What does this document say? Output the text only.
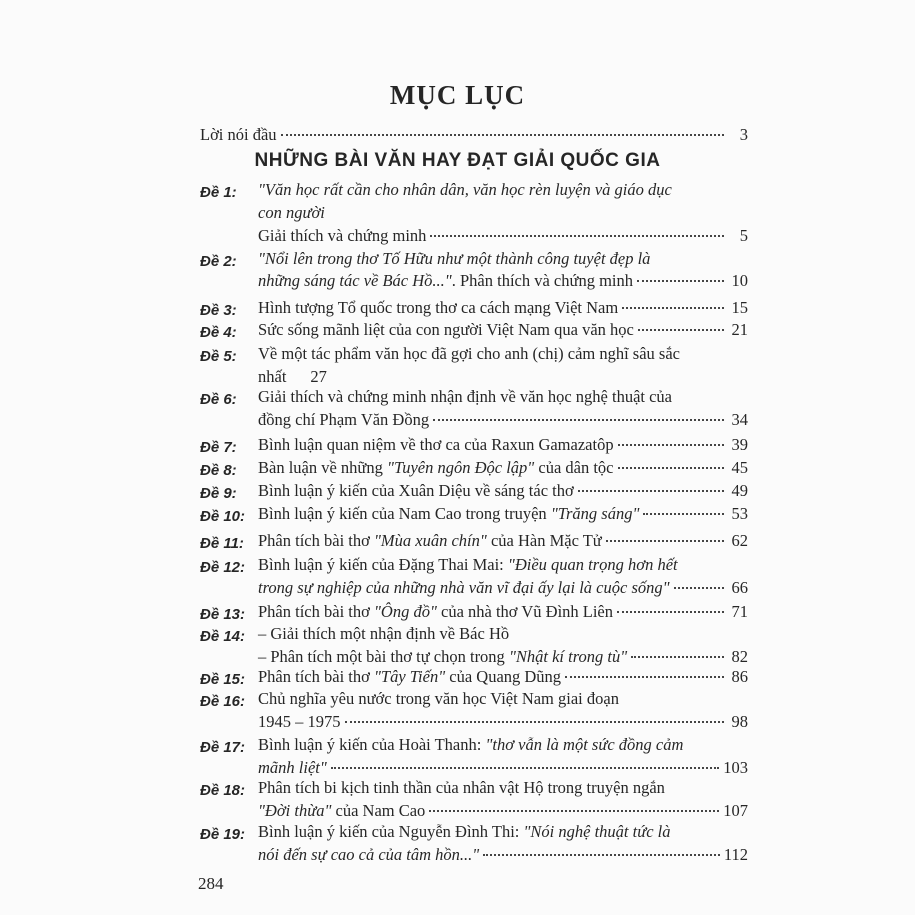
MỤC LỤC
Lời nói đầu	3
NHỮNG BÀI VĂN HAY ĐẠT GIẢI QUỐC GIA
Đề 1: "Văn học rất cần cho nhân dân, văn học rèn luyện và giáo dục
con người
Giải thích và chứng minh	5
Đề 2: "Nổi lên trong thơ Tố Hữu như một thành công tuyệt đẹp là
những sáng tác về Bác Hồ..." . Phân thích và chứng minh	10
Đề 3: Hình tượng Tổ quốc trong thơ ca cách mạng Việt Nam	15
Đề 4: Sức sống mãnh liệt của con người Việt Nam qua văn học	21
Đề 5: Về một tác phẩm văn học đã gợi cho anh (chị) cảm nghĩ sâu sắc
nhất 27
Đề 6: Giải thích và chứng minh nhận định về văn học nghệ thuật của
đồng chí Phạm Văn Đồng	34
Đề 7: Bình luận quan niệm về thơ ca của Raxun Gamazatôp	39
Đề 8: Bàn luận về những "Tuyên ngôn Độc lập" của dân tộc	45
Đề 9: Bình luận ý kiến của Xuân Diệu về sáng tác thơ	49
Đề 10: Bình luận ý kiến của Nam Cao trong truyện "Trăng sáng"	53
Đề 11: Phân tích bài thơ "Mùa xuân chín" của Hàn Mặc Tử	62
Đề 12: Bình luận ý kiến của Đặng Thai Mai: "Điều quan trọng hơn hết
trong sự nghiệp của những nhà văn vĩ đại ấy lại là cuộc sống"	66
Đề 13: Phân tích bài thơ "Ông đồ" của nhà thơ Vũ Đình Liên	71
Đề 14: – Giải thích một nhận định về Bác Hồ
– Phân tích một bài thơ tự chọn trong "Nhật kí trong tù"	82
Đề 15: Phân tích bài thơ "Tây Tiến" của Quang Dũng	86
Đề 16: Chủ nghĩa yêu nước trong văn học Việt Nam giai đoạn
1945 – 1975	98
Đề 17: Bình luận ý kiến của Hoài Thanh: "thơ vẫn là một sức đồng cảm
mãnh liệt"	103
Đề 18: Phân tích bi kịch tinh thần của nhân vật Hộ trong truyện ngắn
"Đời thừa" của Nam Cao	107
Đề 19: Bình luận ý kiến của Nguyễn Đình Thi: "Nói nghệ thuật tức là
nói đến sự cao cả của tâm hồn..."	112
284
